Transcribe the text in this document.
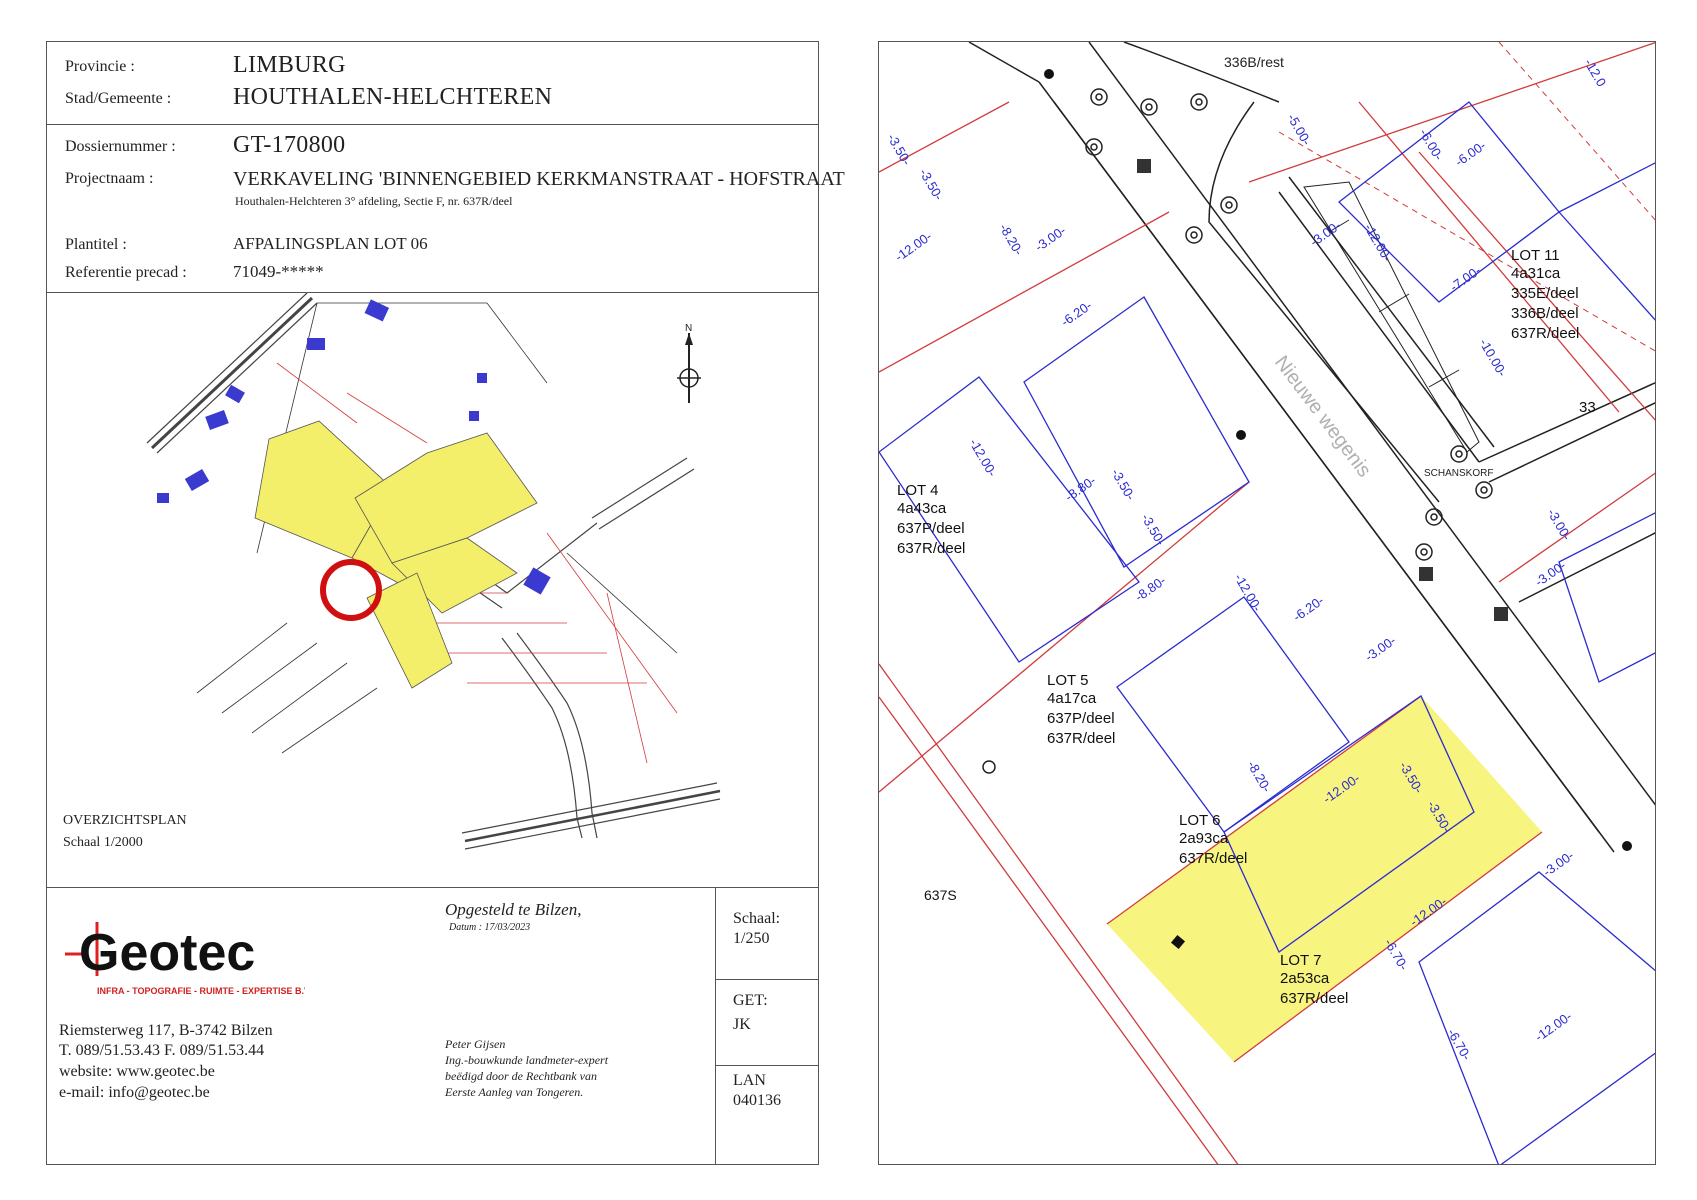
Provincie :	LIMBURG
Stad/Gemeente :	HOUTHALEN-HELCHTEREN
Dossiernummer : GT-170800
Projectnaam :	VERKAVELING 'BINNENGEBIED KERKMANSTRAAT - HOFSTRAAT
Houthalen-Helchteren 3° afdeling, Sectie F, nr. 637R/deel
Plantitel :	AFPALINGSPLAN LOT 06
Referentie precad :	71049-*****
N
OVERZICHTSPLAN
Schaal 1/2000
Geotec
INFRA - TOPOGRAFIE - RUIMTE - EXPERTISE B.V.
Riemsterweg 117, B-3742 Bilzen
T. 089/51.53.43 F. 089/51.53.44
website: www.geotec.be
e-mail: info@geotec.be
Opgesteld te Bilzen,
Datum : 17/03/2023
Peter Gijsen
Ing.-bouwkunde landmeter-expert
beëdigd door de Rechtbank van
Eerste Aanleg van Tongeren.
Schaal:
1/250
GET:
JK
LAN
040136
336B/rest
Nieuwe wegenis	SCHANSKORF
LOT 4
4a43ca
637P/deel
637R/deel
LOT 5
4a17ca
637P/deel
637R/deel
LOT 6
2a93ca
637R/deel
LOT 7
2a53ca
637R/deel
LOT 11
4a31ca
335E/deel
336B/deel
637R/deel
637S
33
-3.50-
-3.50-
-12.00-	-8.20- -3.00-
-6.20-
-12.00-
-8.80- -3.50-
-3.50-
-8.80-	-12.00- -6.20-
-3.00-
-8.20-	-12.00-	-3.50-
-3.50-
-12.00-
-3.00-
-6.70-
-6.70-	-12.00-
-5.00-
-3.00- -12.00-
-6.00- -6.00-
-7.00-
-10.00-
-3.00-
-3.00-
-12.0
